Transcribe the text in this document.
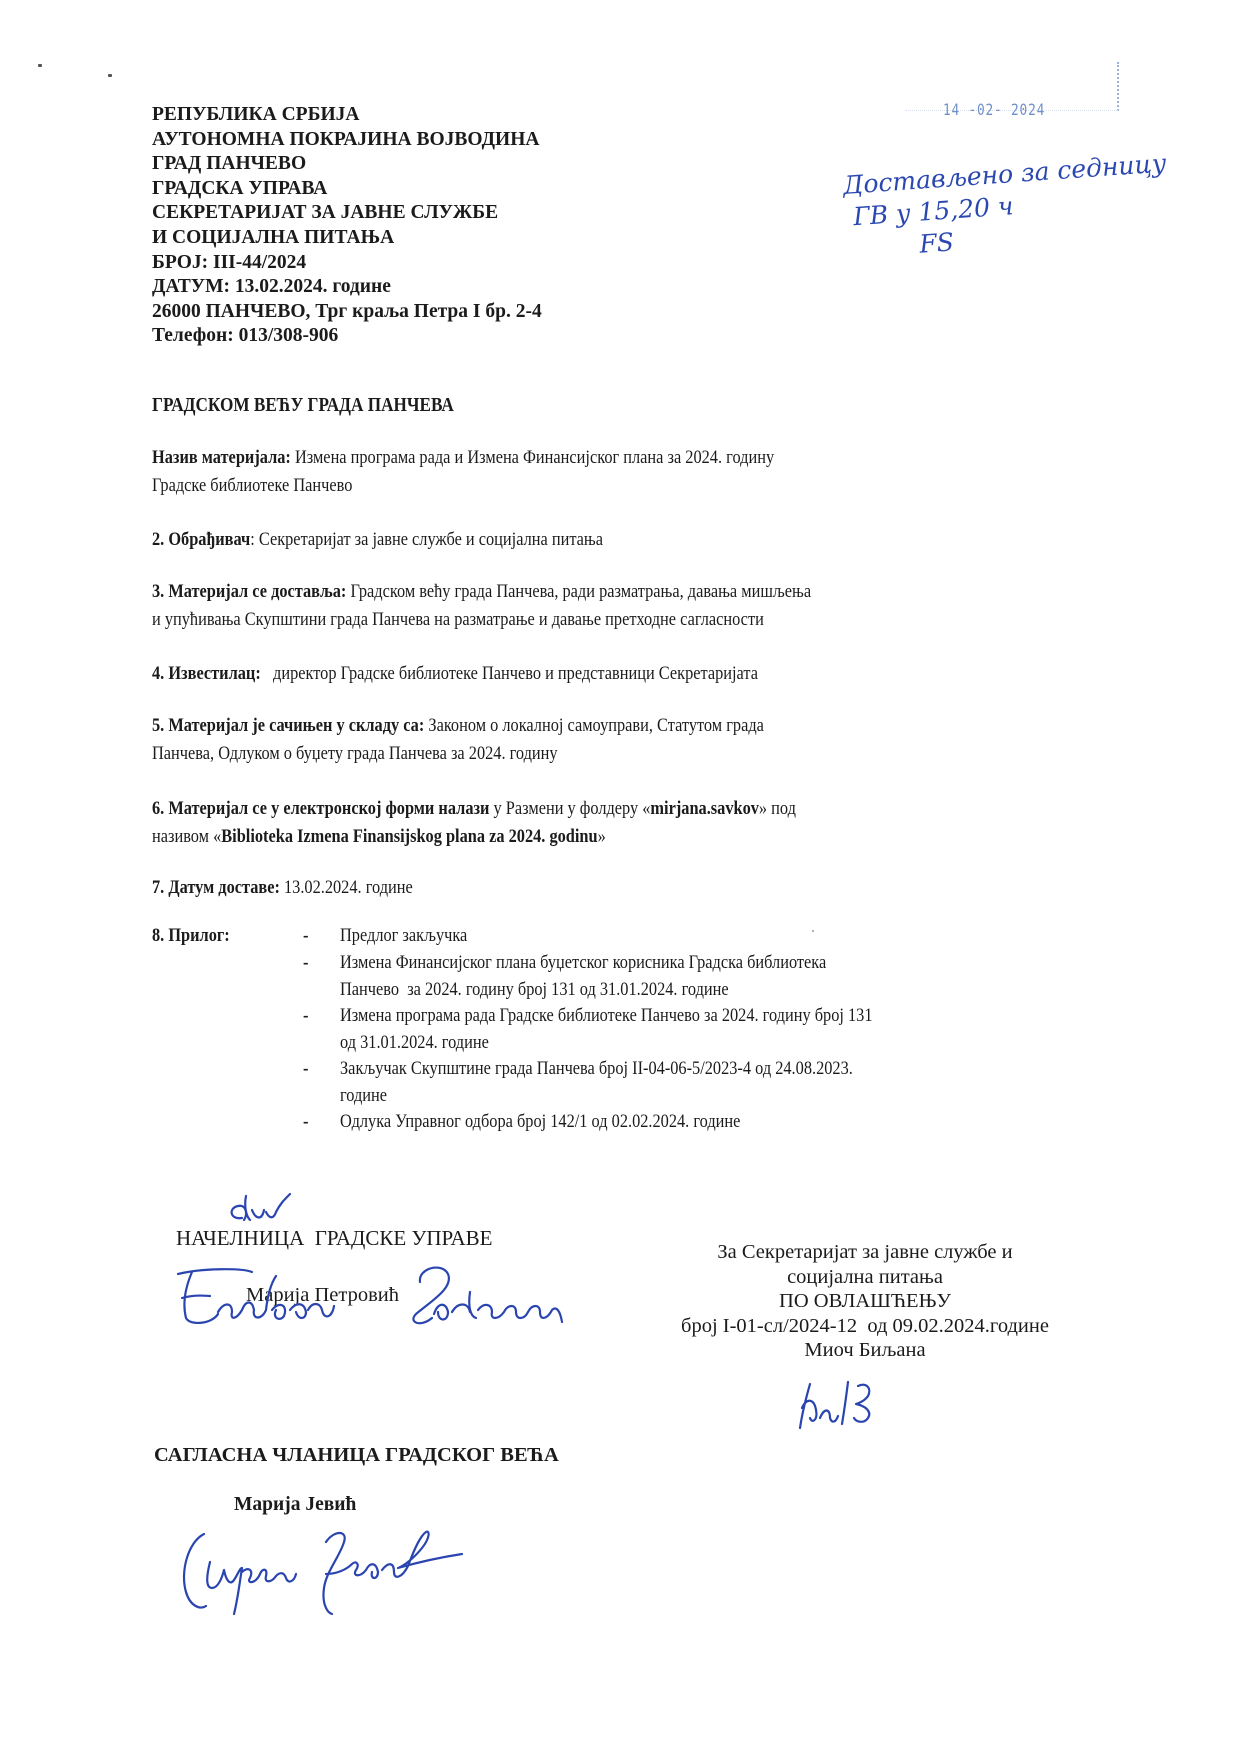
РЕПУБЛИКА СРБИЈА
АУТОНОМНА ПОКРАЈИНА ВОЈВОДИНА
ГРАД ПАНЧЕВО
ГРАДСКА УПРАВА
СЕКРЕТАРИЈАТ ЗА ЈАВНЕ СЛУЖБЕ
И СОЦИЈАЛНА ПИТАЊА
БРОЈ: III-44/2024
ДАТУМ: 13.02.2024. године
26000 ПАНЧЕВО, Трг краља Петра I бр. 2-4
Телефон: 013/308-906
14 -02- 2024
Достављено за седницу
ГВ у 15,20 ч
FS
ГРАДСКОМ ВЕЋУ ГРАДА ПАНЧЕВА
Назив материјала: Измена програма рада и Измена Финансијског плана за 2024. годину
Градске библиотеке Панчево
2. Обрађивач: Секретаријат за јавне службе и социјална питања
3. Материјал се доставља: Градском већу града Панчева, ради разматрања, давања мишљења
и упућивања Скупштини града Панчева на разматрање и давање претходне сагласности
4. Известилац:   директор Градске библиотеке Панчево и представници Секретаријата
5. Материјал је сачињен у складу са: Законом о локалној самоуправи, Статутом града
Панчева, Одлуком о буџету града Панчева за 2024. годину
6. Материјал се у електронској форми налази у Размени у фолдеру «mirjana.savkov» под
називом «Biblioteka Izmena Finansijskog plana za 2024. godinu»
7. Датум доставе: 13.02.2024. године
8. Прилог:	- Предлог закључка
- Измена Финансијског плана буџетског корисника Градска библиотека
Панчево  за 2024. годину број 131 од 31.01.2024. године
- Измена програма рада Градске библиотеке Панчево за 2024. годину број 131
од 31.01.2024. године
- Закључак Скупштине града Панчева број II-04-06-5/2023-4 од 24.08.2023.
године
- Одлука Управног одбора број 142/1 од 02.02.2024. године
НАЧЕЛНИЦА  ГРАДСКЕ УПРАВЕ
Марија Петровић
За Секретаријат за јавне службе и
социјална питања
ПО ОВЛАШЋЕЊУ
број I-01-сл/2024-12  од 09.02.2024.године
Миоч Биљана
САГЛАСНА ЧЛАНИЦА ГРАДСКОГ ВЕЋА
Марија Јевић
